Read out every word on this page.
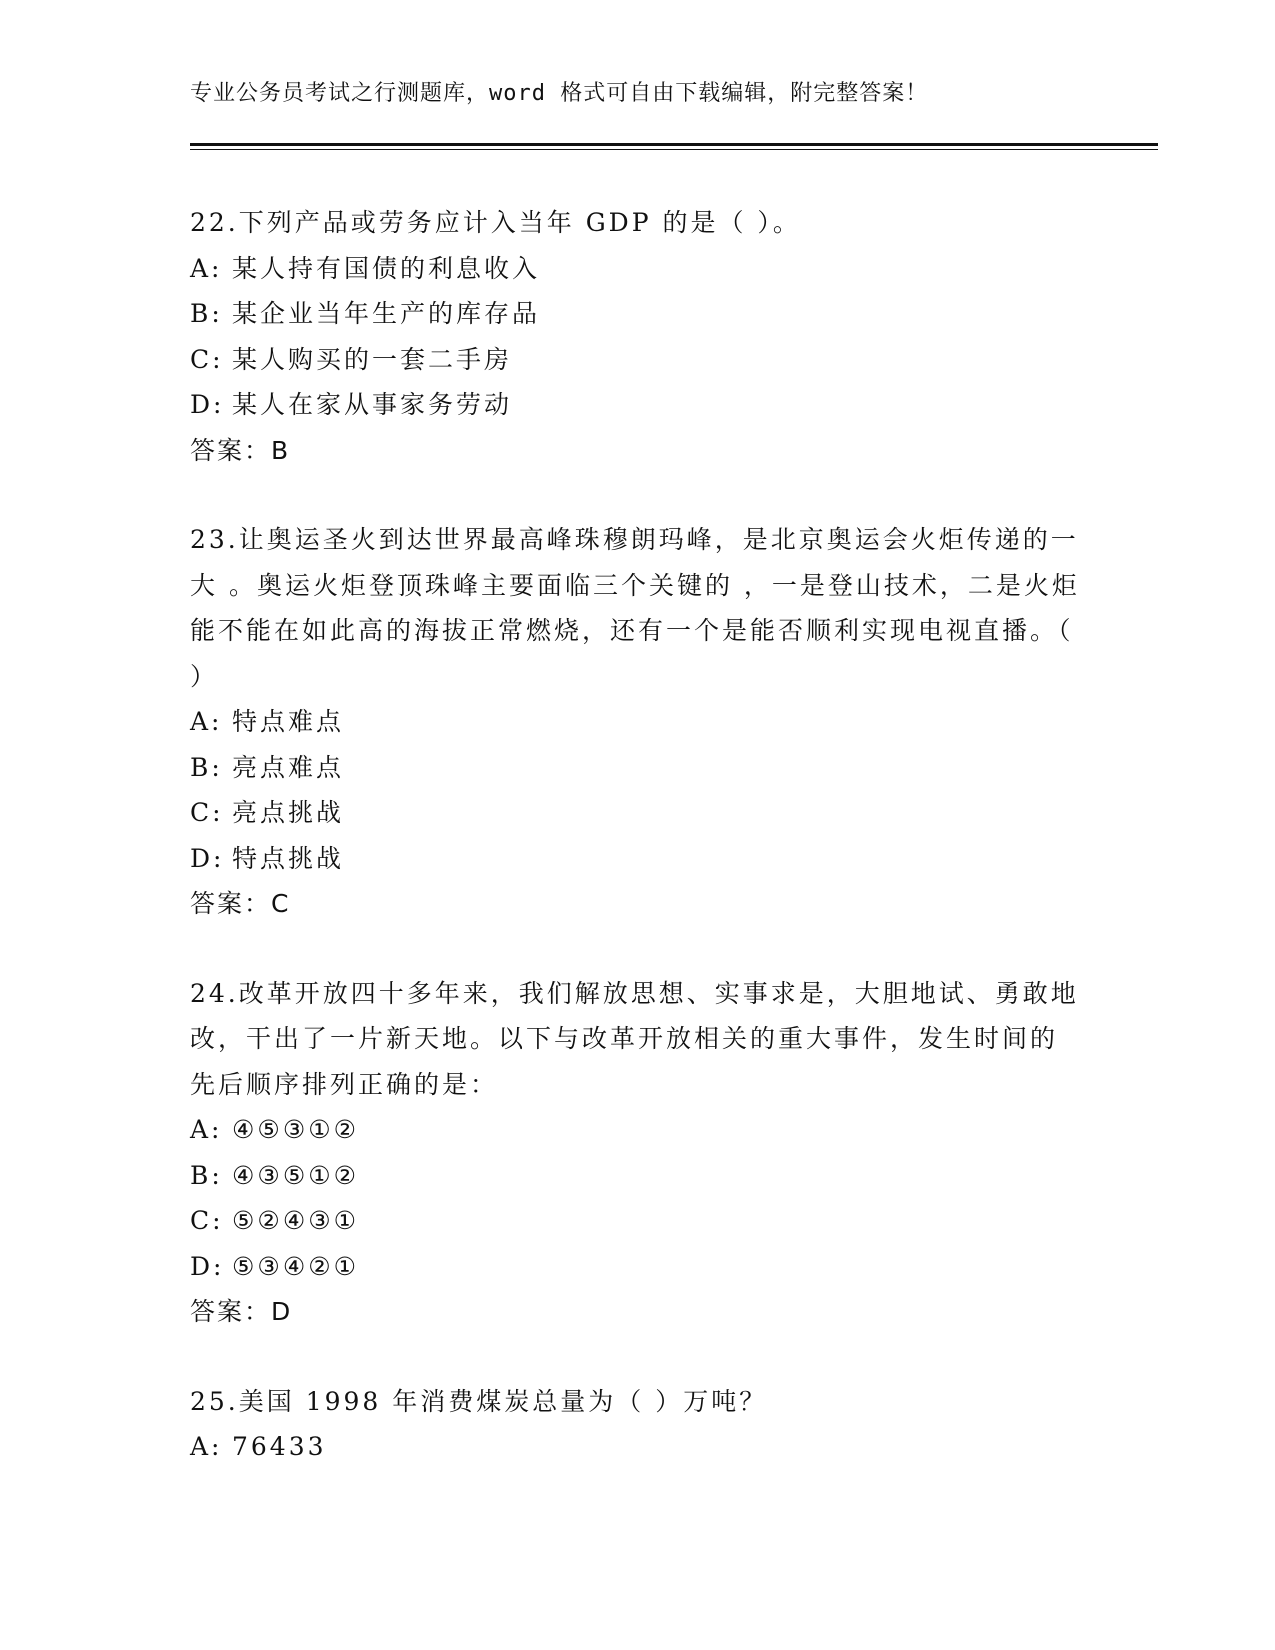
专业公务员考试之行测题库，word 格式可自由下载编辑，附完整答案！

22.下列产品或劳务应计入当年 GDP 的是（ ）。

A: 某人持有国债的利息收入

B: 某企业当年生产的库存品

C: 某人购买的一套二手房

D: 某人在家从事家务劳动

答案：B

23.让奥运圣火到达世界最高峰珠穆朗玛峰，是北京奥运会火炬传递的一大 。奥运火炬登顶珠峰主要面临三个关键的 ，一是登山技术，二是火炬能不能在如此高的海拔正常燃烧，还有一个是能否顺利实现电视直播。（ ）

A: 特点难点

B: 亮点难点

C: 亮点挑战

D: 特点挑战

答案：C

24.改革开放四十多年来，我们解放思想、实事求是，大胆地试、勇敢地改，干出了一片新天地。以下与改革开放相关的重大事件，发生时间的先后顺序排列正确的是：

A: ④⑤③①②

B: ④③⑤①②

C: ⑤②④③①

D: ⑤③④②①

答案：D

25.美国 1998 年消费煤炭总量为（ ）万吨？

A: 76433
